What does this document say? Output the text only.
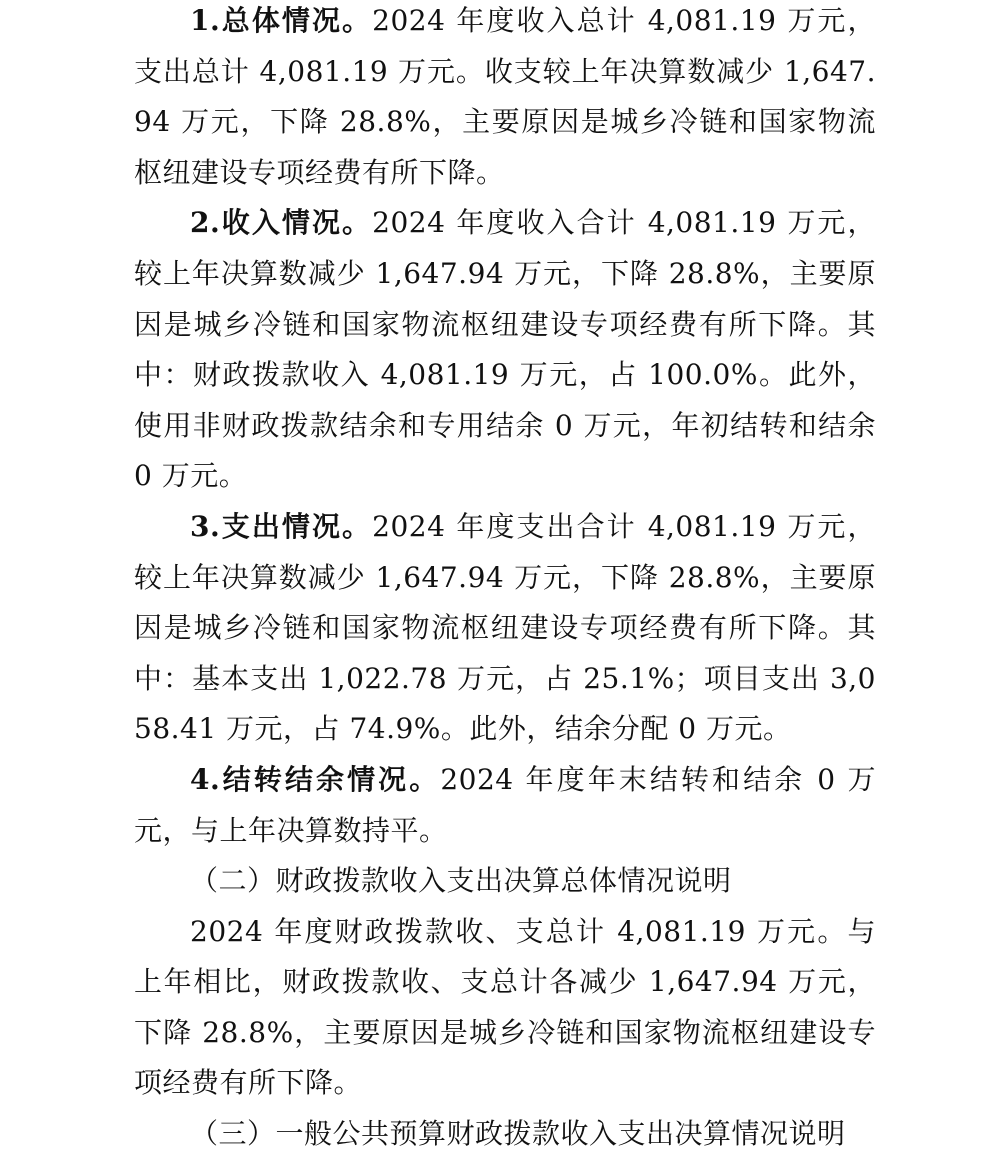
1.总体情况。2024 年度收入总计 4,081.19 万元，支出总计 4,081.19 万元。收支较上年决算数减少 1,647.94 万元，下降 28.8%，主要原因是城乡冷链和国家物流枢纽建设专项经费有所下降。

2.收入情况。2024 年度收入合计 4,081.19 万元，较上年决算数减少 1,647.94 万元，下降 28.8%，主要原因是城乡冷链和国家物流枢纽建设专项经费有所下降。其中：财政拨款收入 4,081.19 万元，占 100.0%。此外，使用非财政拨款结余和专用结余 0 万元，年初结转和结余 0 万元。

3.支出情况。2024 年度支出合计 4,081.19 万元，较上年决算数减少 1,647.94 万元，下降 28.8%，主要原因是城乡冷链和国家物流枢纽建设专项经费有所下降。其中：基本支出 1,022.78 万元，占 25.1%；项目支出 3,058.41 万元，占 74.9%。此外，结余分配 0 万元。

4.结转结余情况。2024 年度年末结转和结余 0 万元，与上年决算数持平。

（二）财政拨款收入支出决算总体情况说明

2024 年度财政拨款收、支总计 4,081.19 万元。与上年相比，财政拨款收、支总计各减少 1,647.94 万元，下降 28.8%，主要原因是城乡冷链和国家物流枢纽建设专项经费有所下降。

（三）一般公共预算财政拨款收入支出决算情况说明
